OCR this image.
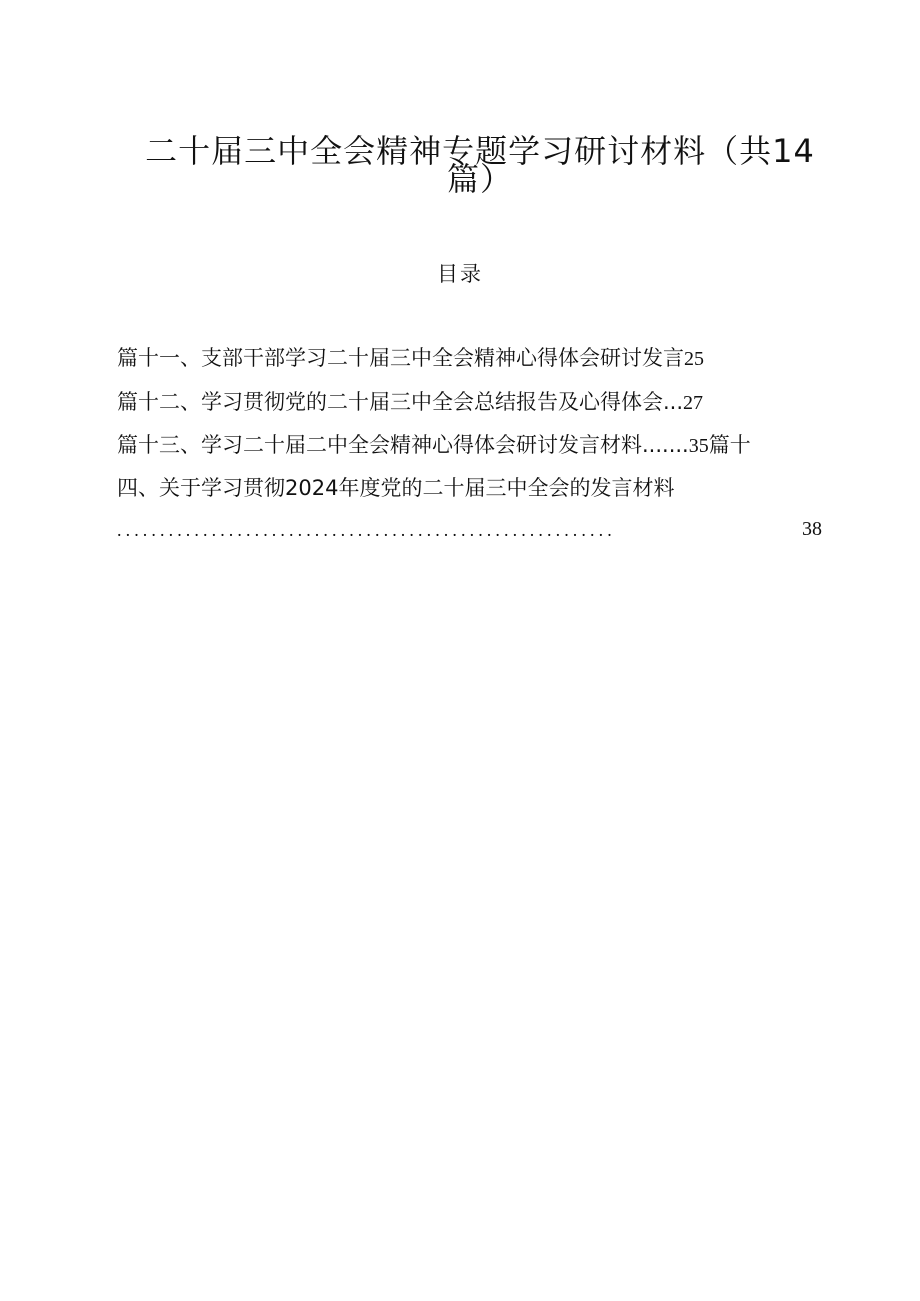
二十届三中全会精神专题学习研讨材料（共14
篇）
目录
篇十一、支部干部学习二十届三中全会精神心得体会研讨发言25
篇十二、学习贯彻党的二十届三中全会总结报告及心得体会...27
篇十三、学习二十届二中全会精神心得体会研讨发言材料.......35篇十
四、关于学习贯彻2024年度党的二十届三中全会的发言材料
..........................................................	38
